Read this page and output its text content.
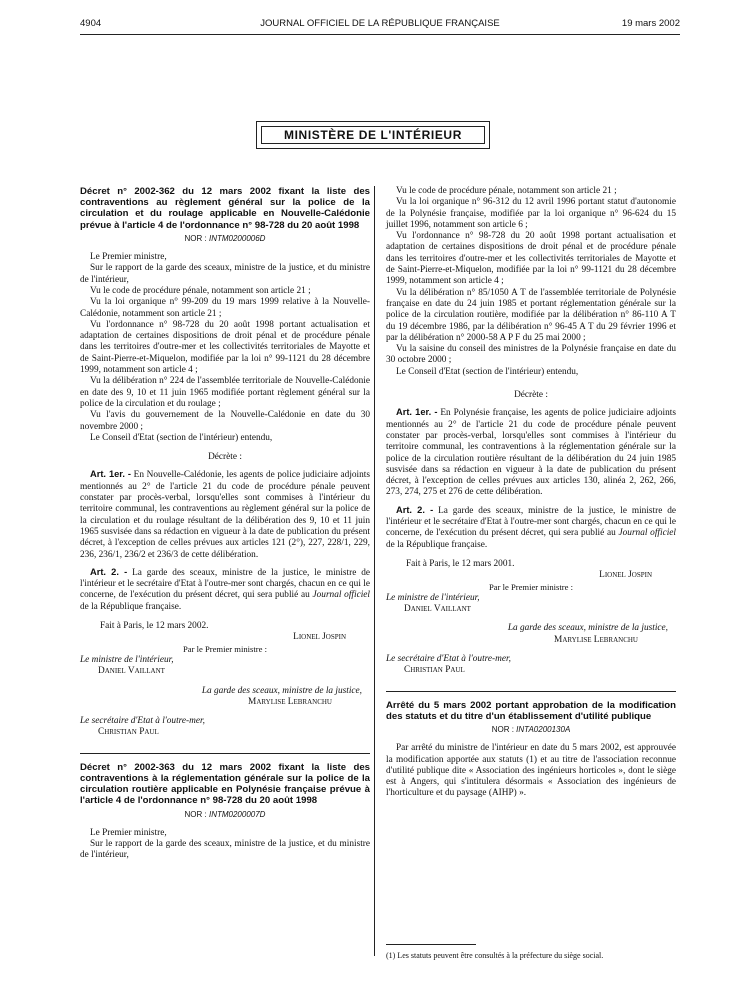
4904	JOURNAL OFFICIEL DE LA RÉPUBLIQUE FRANÇAISE	19 mars 2002
MINISTÈRE DE L'INTÉRIEUR
Décret n° 2002-362 du 12 mars 2002 fixant la liste des contraventions au règlement général sur la police de la circulation et du roulage applicable en Nouvelle-Calédonie prévue à l'article 4 de l'ordonnance n° 98-728 du 20 août 1998
NOR : INTM0200006D

Le Premier ministre,

Sur le rapport de la garde des sceaux, ministre de la justice, et du ministre de l'intérieur,

Vu le code de procédure pénale, notamment son article 21 ;

Vu la loi organique n° 99-209 du 19 mars 1999 relative à la Nouvelle-Calédonie, notamment son article 21 ;

Vu l'ordonnance n° 98-728 du 20 août 1998 portant actualisation et adaptation de certaines dispositions de droit pénal et de procédure pénale dans les territoires d'outre-mer et les collectivités territoriales de Mayotte et de Saint-Pierre-et-Miquelon, modifiée par la loi n° 99-1121 du 28 décembre 1999, notamment son article 4 ;

Vu la délibération n° 224 de l'assemblée territoriale de Nouvelle-Calédonie en date des 9, 10 et 11 juin 1965 modifiée portant règlement général sur la police de la circulation et du roulage ;

Vu l'avis du gouvernement de la Nouvelle-Calédonie en date du 30 novembre 2000 ;

Le Conseil d'Etat (section de l'intérieur) entendu,

Décrète :

Art. 1er. - En Nouvelle-Calédonie, les agents de police judiciaire adjoints mentionnés au 2° de l'article 21 du code de procédure pénale peuvent constater par procès-verbal, lorsqu'elles sont commises à l'intérieur du territoire communal, les contraventions au règlement général sur la police de la circulation et du roulage résultant de la délibération des 9, 10 et 11 juin 1965 susvisée dans sa rédaction en vigueur à la date de publication du présent décret, à l'exception de celles prévues aux articles 121 (2°), 227, 228/1, 229, 236, 236/1, 236/2 et 236/3 de cette délibération.

Art. 2. - La garde des sceaux, ministre de la justice, le ministre de l'intérieur et le secrétaire d'Etat à l'outre-mer sont chargés, chacun en ce qui le concerne, de l'exécution du présent décret, qui sera publié au Journal officiel de la République française.

Fait à Paris, le 12 mars 2002.

Lionel Jospin

Par le Premier ministre :

Le ministre de l'intérieur,

Daniel Vaillant

La garde des sceaux, ministre de la justice,

Marylise Lebranchu

Le secrétaire d'Etat à l'outre-mer,

Christian Paul

Décret n° 2002-363 du 12 mars 2002 fixant la liste des contraventions à la réglementation générale sur la police de la circulation routière applicable en Polynésie française prévue à l'article 4 de l'ordonnance n° 98-728 du 20 août 1998
NOR : INTM0200007D

Le Premier ministre,

Sur le rapport de la garde des sceaux, ministre de la justice, et du ministre de l'intérieur,

Vu le code de procédure pénale, notamment son article 21 ;

Vu la loi organique n° 96-312 du 12 avril 1996 portant statut d'autonomie de la Polynésie française, modifiée par la loi organique n° 96-624 du 15 juillet 1996, notamment son article 6 ;

Vu l'ordonnance n° 98-728 du 20 août 1998 portant actualisation et adaptation de certaines dispositions de droit pénal et de procédure pénale dans les territoires d'outre-mer et les collectivités territoriales de Mayotte et de Saint-Pierre-et-Miquelon, modifiée par la loi n° 99-1121 du 28 décembre 1999, notamment son article 4 ;

Vu la délibération n° 85/1050 A T de l'assemblée territoriale de Polynésie française en date du 24 juin 1985 et portant réglementation générale sur la police de la circulation routière, modifiée par la délibération n° 86-110 A T du 19 décembre 1986, par la délibération n° 96-45 A T du 29 février 1996 et par la délibération n° 2000-58 A P F du 25 mai 2000 ;

Vu la saisine du conseil des ministres de la Polynésie française en date du 30 octobre 2000 ;

Le Conseil d'Etat (section de l'intérieur) entendu,

Décrète :

Art. 1er. - En Polynésie française, les agents de police judiciaire adjoints mentionnés au 2° de l'article 21 du code de procédure pénale peuvent constater par procès-verbal, lorsqu'elles sont commises à l'intérieur du territoire communal, les contraventions à la réglementation générale sur la police de la circulation routière résultant de la délibération du 24 juin 1985 susvisée dans sa rédaction en vigueur à la date de publication du présent décret, à l'exception de celles prévues aux articles 130, alinéa 2, 262, 266, 273, 274, 275 et 276 de cette délibération.

Art. 2. - La garde des sceaux, ministre de la justice, le ministre de l'intérieur et le secrétaire d'Etat à l'outre-mer sont chargés, chacun en ce qui le concerne, de l'exécution du présent décret, qui sera publié au Journal officiel de la République française.

Fait à Paris, le 12 mars 2001.

Lionel Jospin

Par le Premier ministre :

Le ministre de l'intérieur,

Daniel Vaillant

La garde des sceaux, ministre de la justice,

Marylise Lebranchu

Le secrétaire d'Etat à l'outre-mer,

Christian Paul

Arrêté du 5 mars 2002 portant approbation de la modification des statuts et du titre d'un établissement d'utilité publique
NOR : INTA0200130A

Par arrêté du ministre de l'intérieur en date du 5 mars 2002, est approuvée la modification apportée aux statuts (1) et au titre de l'association reconnue d'utilité publique dite « Association des ingénieurs horticoles », dont le siège est à Angers, qui s'intitulera désormais « Association des ingénieurs de l'horticulture et du paysage (AIHP) ».

(1) Les statuts peuvent être consultés à la préfecture du siège social.
